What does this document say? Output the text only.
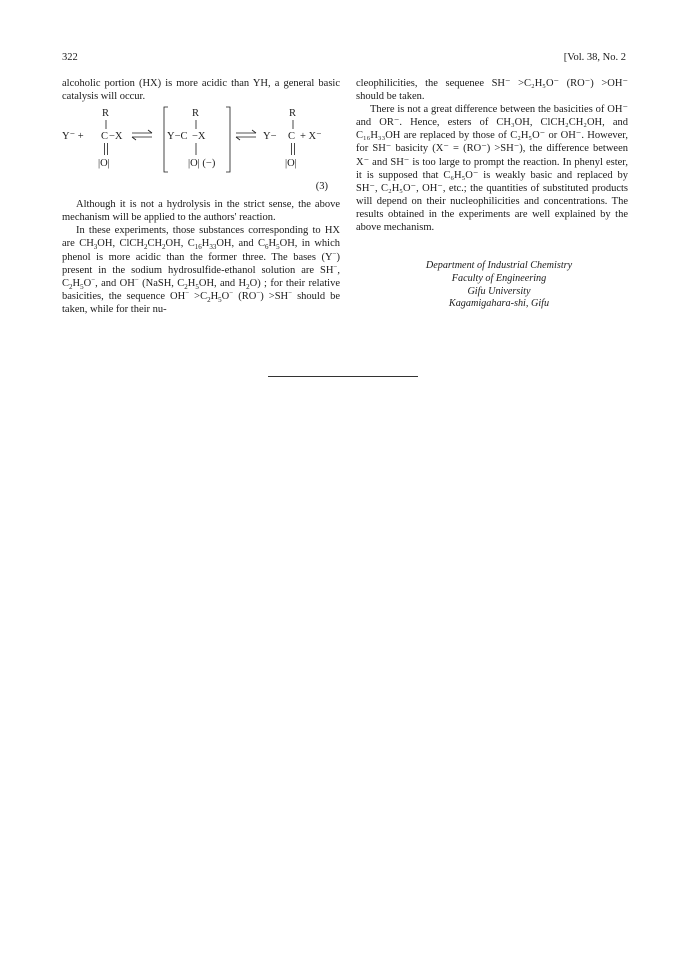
322	[Vol. 38, No. 2

alcoholic portion (HX) is more acidic than YH, a general basic catalysis will occur.

R
Y⁻ + C −X
|O|
R
Y−C −X
|O| (−)
R
Y− C + X⁻
|O|
(3)

Although it is not a hydrolysis in the strict sense, the above mechanism will be applied to the authors' reaction.

In these experiments, those substances corresponding to HX are $CH_3OH$, $ClCH_2CH_2OH$, $C_{16}H_{33}OH$, and $C_6H_5OH$, in which phenol is more acidic than the former three. The bases (Y−) present in the sodium hydrosulfide-ethanol solution are SH−, $C_2H_5O^-$, and OH− (NaSH, $C_2H_5OH$, and $H_2O$) ; for their relative basicities, the sequence $OH^- >C_2H_5O^-$ (RO−) >SH− should be taken, while for their nu-

cleophilicities, the sequenee SH⁻ >C₂H₅O⁻ (RO⁻) >OH⁻ should be taken.

There is not a great difference between the basicities of OH⁻ and OR⁻. Hence, esters of CH₃OH, ClCH₂CH₂OH, and C₁₆H₃₃OH are replaced by those of C₂H₅O⁻ or OH⁻. However, for SH⁻ basicity (X⁻ = (RO⁻) >SH⁻), the difference between X⁻ and SH⁻ is too large to prompt the reaction. In phenyl ester, it is supposed that C₆H₅O⁻ is weakly basic and replaced by SH⁻, C₂H₅O⁻, OH⁻, etc.; the quantities of substituted products will depend on their nucleophilicities and concentrations. The results obtained in the experiments are well explained by the above mechanism.

Department of Industrial Chemistry
Faculty of Engineering
Gifu University
Kagamigahara-shi, Gifu
